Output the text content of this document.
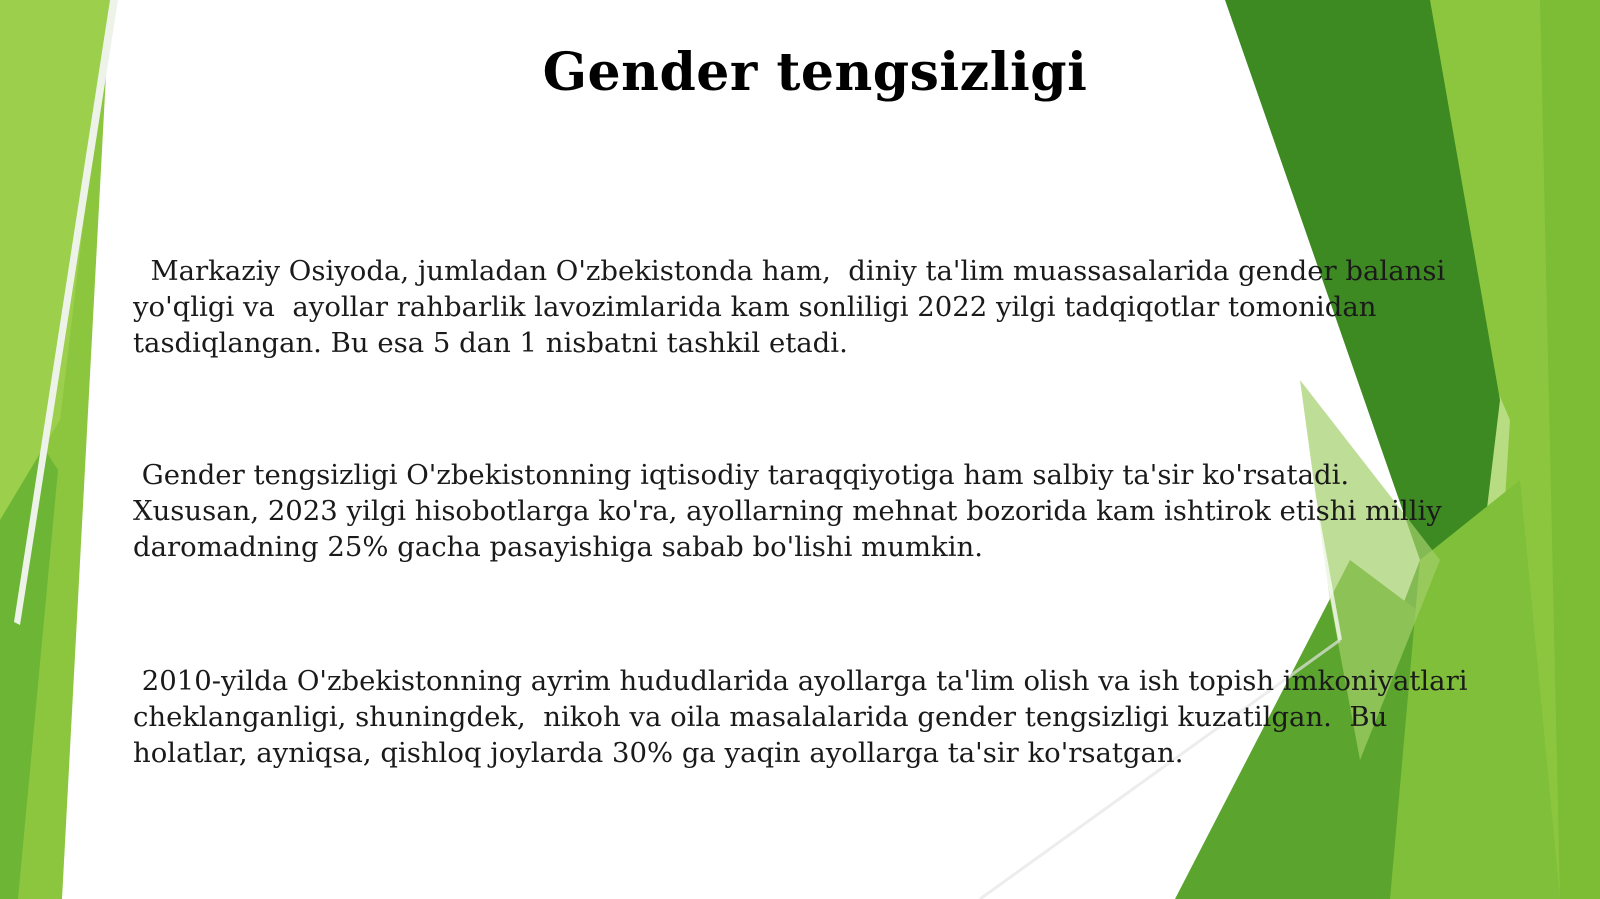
Gender tengsizligi

Markaziy Osiyoda, jumladan O'zbekistonda ham,  diniy ta'lim muassasalarida gender balansi
yo'qligi va  ayollar rahbarlik lavozimlarida kam sonliligi 2022 yilgi tadqiqotlar tomonidan
tasdiqlangan. Bu esa 5 dan 1 nisbatni tashkil etadi.

Gender tengsizligi O'zbekistonning iqtisodiy taraqqiyotiga ham salbiy ta'sir ko'rsatadi.
Xususan, 2023 yilgi hisobotlarga ko'ra, ayollarning mehnat bozorida kam ishtirok etishi milliy
daromadning 25% gacha pasayishiga sabab bo'lishi mumkin.

2010-yilda O'zbekistonning ayrim hududlarida ayollarga ta'lim olish va ish topish imkoniyatlari
cheklanganligi, shuningdek,  nikoh va oila masalalarida gender tengsizligi kuzatilgan.  Bu
holatlar, ayniqsa, qishloq joylarda 30% ga yaqin ayollarga ta'sir ko'rsatgan.
